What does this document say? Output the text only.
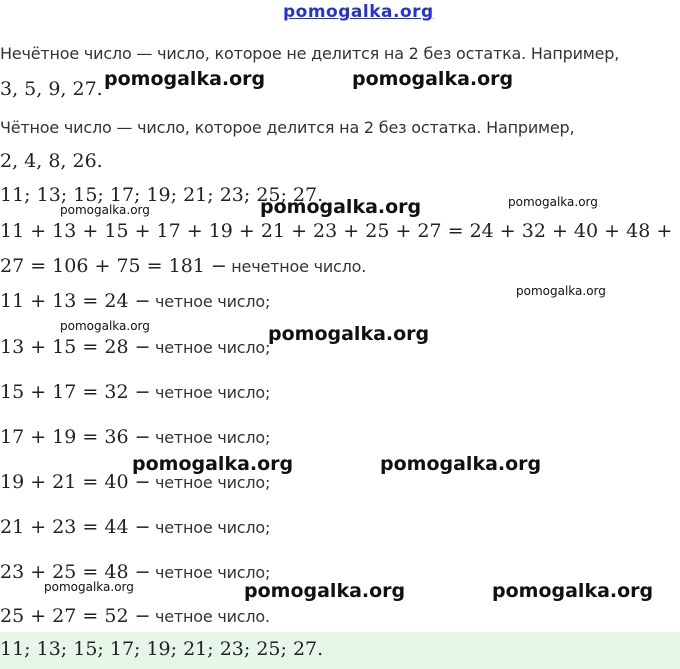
pomogalka.org
Нечётное число — число, которое не делится на 2 без остатка. Например,
3, 5, 9, 27.
Чётное число — число, которое делится на 2 без остатка. Например,
2, 4, 8, 26.
11; 13; 15; 17; 19; 21; 23; 25; 27.
11 + 13 + 15 + 17 + 19 + 21 + 23 + 25 + 27 = 24 + 32 + 40 + 48 +
27 = 106 + 75 = 181 − нечетное число.
11 + 13 = 24 − четное число;
13 + 15 = 28 − четное число;
15 + 17 = 32 − четное число;
17 + 19 = 36 − четное число;
19 + 21 = 40 − четное число;
21 + 23 = 44 − четное число;
23 + 25 = 48 − четное число;
25 + 27 = 52 − четное число.
11; 13; 15; 17; 19; 21; 23; 25; 27.
pomogalka.org	pomogalka.org
pomogalka.org
pomogalka.org	pomogalka.org
pomogalka.org
pomogalka.org	pomogalka.org
pomogalka.org	pomogalka.org
pomogalka.org	pomogalka.org	pomogalka.org
